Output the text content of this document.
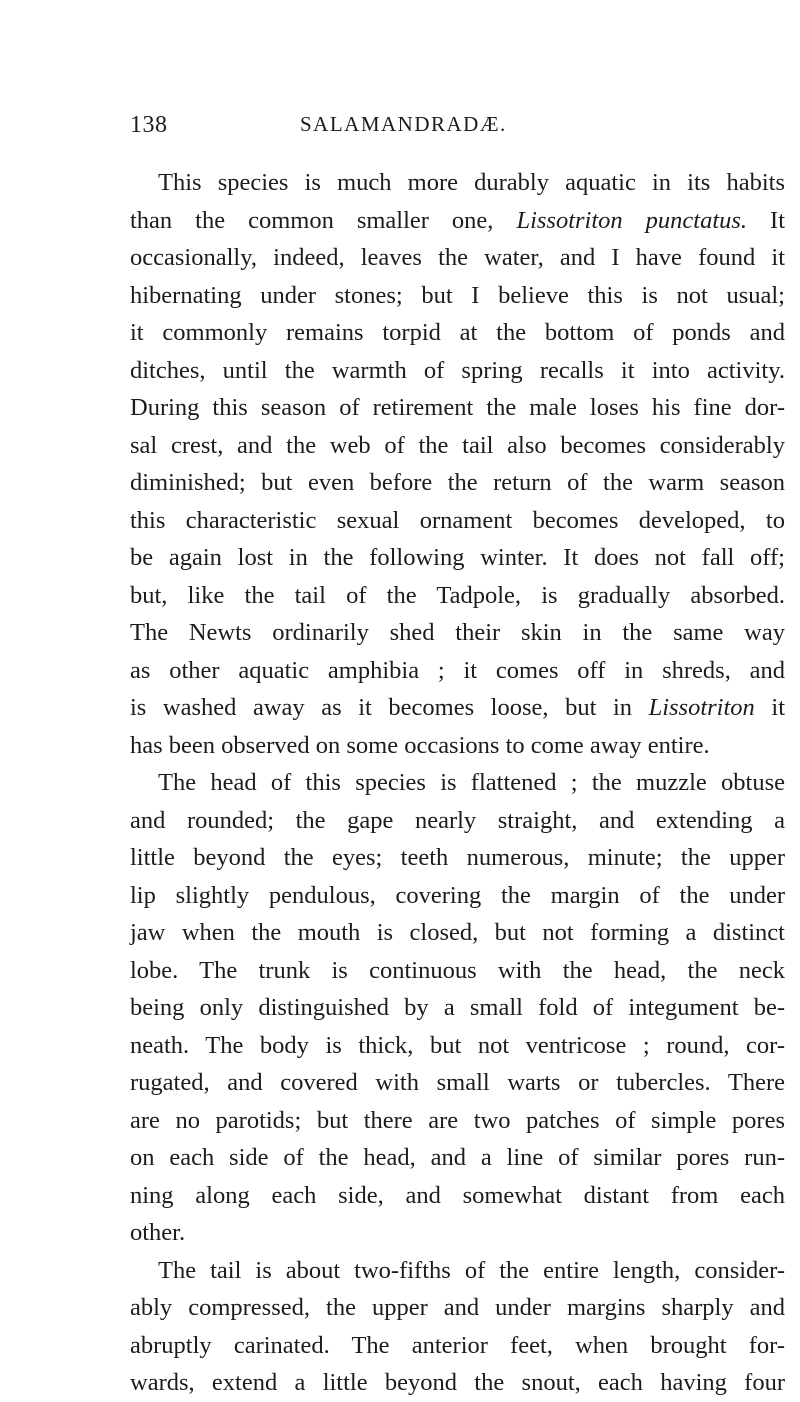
138	SALAMANDRADÆ.
This species is much more durably aquatic in its habits
than the common smaller one, Lissotriton punctatus. It
occasionally, indeed, leaves the water, and I have found it
hibernating under stones; but I believe this is not usual;
it commonly remains torpid at the bottom of ponds and
ditches, until the warmth of spring recalls it into activity.
During this season of retirement the male loses his fine dor-
sal crest, and the web of the tail also becomes considerably
diminished; but even before the return of the warm season
this characteristic sexual ornament becomes developed, to
be again lost in the following winter. It does not fall off;
but, like the tail of the Tadpole, is gradually absorbed.
The Newts ordinarily shed their skin in the same way
as other aquatic amphibia ; it comes off in shreds, and
is washed away as it becomes loose, but in Lissotriton it
has been observed on some occasions to come away entire.
The head of this species is flattened ; the muzzle obtuse
and rounded; the gape nearly straight, and extending a
little beyond the eyes; teeth numerous, minute; the upper
lip slightly pendulous, covering the margin of the under
jaw when the mouth is closed, but not forming a distinct
lobe. The trunk is continuous with the head, the neck
being only distinguished by a small fold of integument be-
neath. The body is thick, but not ventricose ; round, cor-
rugated, and covered with small warts or tubercles. There
are no parotids; but there are two patches of simple pores
on each side of the head, and a line of similar pores run-
ning along each side, and somewhat distant from each
other.
The tail is about two-fifths of the entire length, consider-
ably compressed, the upper and under margins sharply and
abruptly carinated. The anterior feet, when brought for-
wards, extend a little beyond the snout, each having four
